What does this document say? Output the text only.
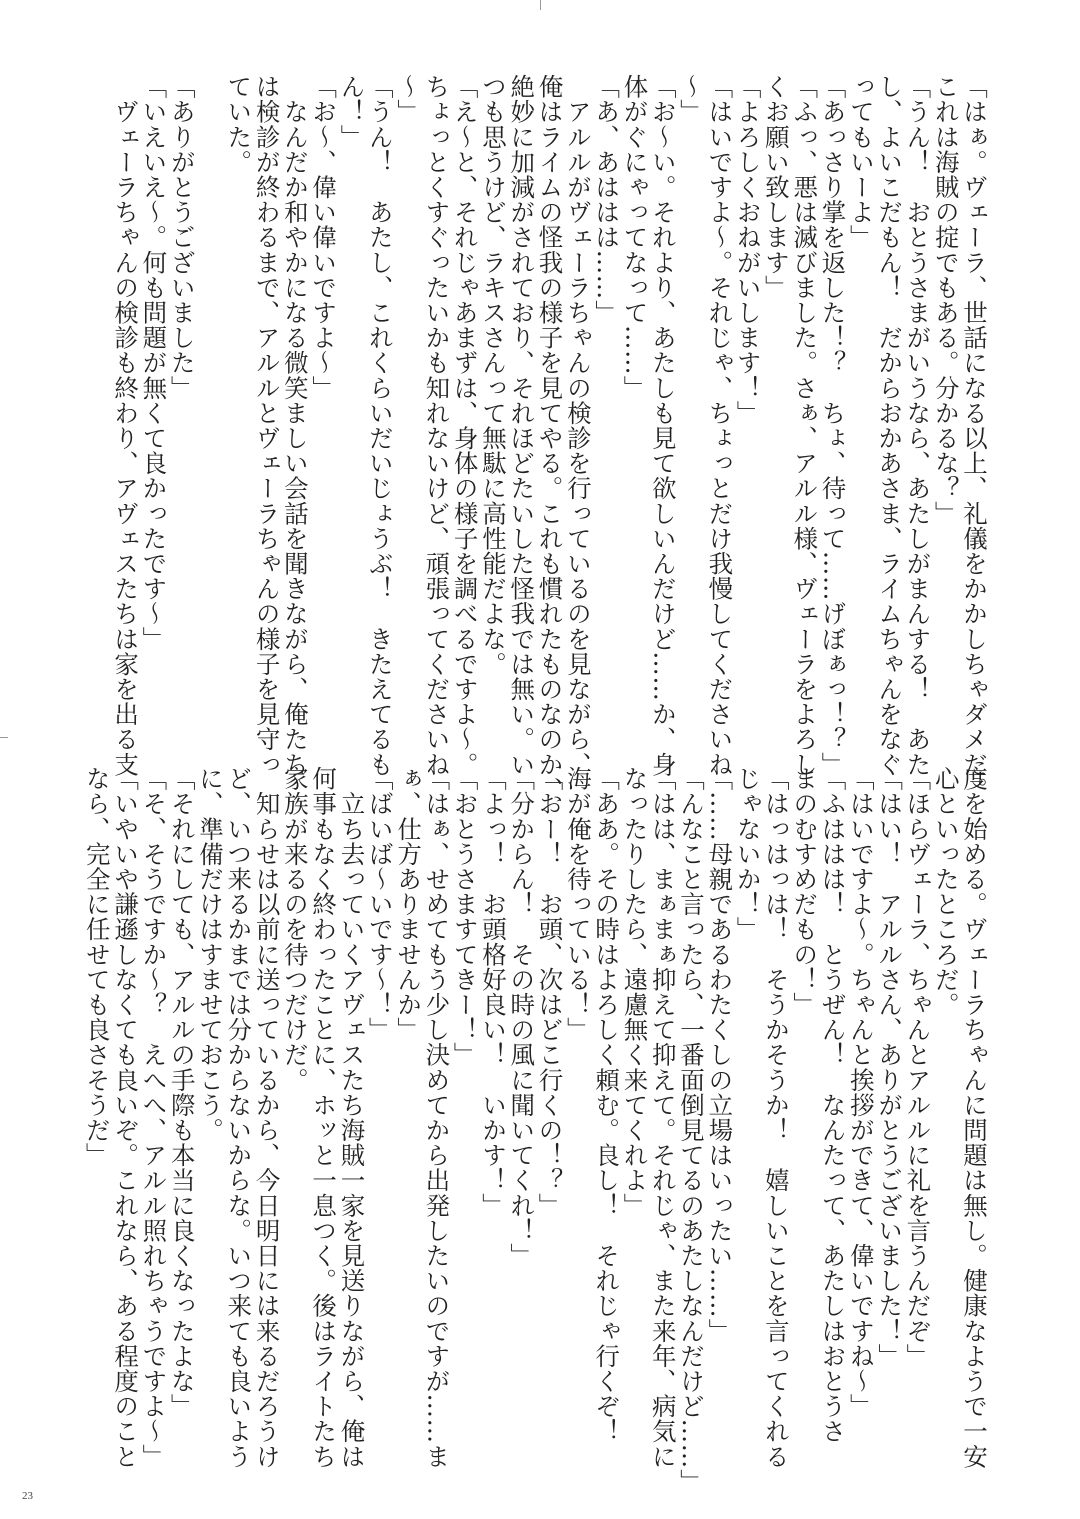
「はぁ。ヴェーラ、世話になる以上、礼儀をかかしちゃダメだ。
これは海賊の掟でもある。分かるな？」
「うん！　おとうさまがいうなら、あたしがまんする！　あた
し、よいこだもん！　だからおかあさま、ライムちゃんをなぐ
ってもいーよ」
「あっさり掌を返した！？　ちょ、待って……げぼぁっ！？」
「ふっ、悪は滅びました。さぁ、アルル様、ヴェーラをよろし
くお願い致します」
「よろしくおねがいします！」
「はいですよ～。それじゃ、ちょっとだけ我慢してくださいね
～」
「お～い。それより、あたしも見て欲しいんだけど……か、身
体がぐにゃってなって……」
「あ、あははは……」
　アルルがヴェーラちゃんの検診を行っているのを見ながら、
俺はライムの怪我の様子を見てやる。これも慣れたものなのか、
絶妙に加減がされており、それほどたいした怪我では無い。い
つも思うけど、ラキスさんって無駄に高性能だよな。
「え～と、それじゃあまずは、身体の様子を調べるですよ～。
ちょっとくすぐったいかも知れないけど、頑張ってくださいね
～」
「うん！　あたし、これくらいだいじょうぶ！　きたえてるも
ん！」
「お～、偉い偉いですよ～」
　なんだか和やかになる微笑ましい会話を聞きながら、俺たち
は検診が終わるまで、アルルとヴェーラちゃんの様子を見守っ
ていた。
「ありがとうございました」
「いえいえ～。何も問題が無くて良かったです～」
　ヴェーラちゃんの検診も終わり、アヴェスたちは家を出る支
度を始める。ヴェーラちゃんに問題は無し。健康なようで一安
心といったところだ。
「ほらヴェーラ、ちゃんとアルルに礼を言うんだぞ」
「はい！　アルルさん、ありがとうございました！」
「はいですよ～。ちゃんと挨拶ができて、偉いですね～」
「ふははは！　とうぜん！　なんたって、あたしはおとうさ
まのむすめだもの！」
「はっはっは！　そうかそうか！　嬉しいことを言ってくれる
じゃないか！」
「……母親であるわたくしの立場はいったい……」
「んなこと言ったら、一番面倒見てるのあたしなんだけど……」
「はは、まぁまぁ抑えて抑えて。それじゃ、また来年、病気に
なったりしたら、遠慮無く来てくれよ」
「ああ。その時はよろしく頼む。良し！　それじゃ行くぞ！
海が俺を待っている！」
「おー！　お頭、次はどこ行くの！？」
「分からん！　その時の風に聞いてくれ！」
「よっ！　お頭格好良い！　いかす！」
「おとうさますてきー！」
「はぁ、せめてもう少し決めてから出発したいのですが……ま
ぁ、仕方ありませんか」
「ばいば～いです～！」
　立ち去っていくアヴェスたち海賊一家を見送りながら、俺は
何事もなく終わったことに、ホッと一息つく。後はライトたち
家族が来るのを待つだけだ。
　知らせは以前に送っているから、今日明日には来るだろうけ
ど、いつ来るかまでは分からないからな。いつ来ても良いよう
に、準備だけはすませておこう。
「それにしても、アルルの手際も本当に良くなったよな」
「そ、そうですか～？　えへへ、アルル照れちゃうですよ～」
「いやいや謙遜しなくても良いぞ。これなら、ある程度のこと
なら、完全に任せても良さそうだ」
23
